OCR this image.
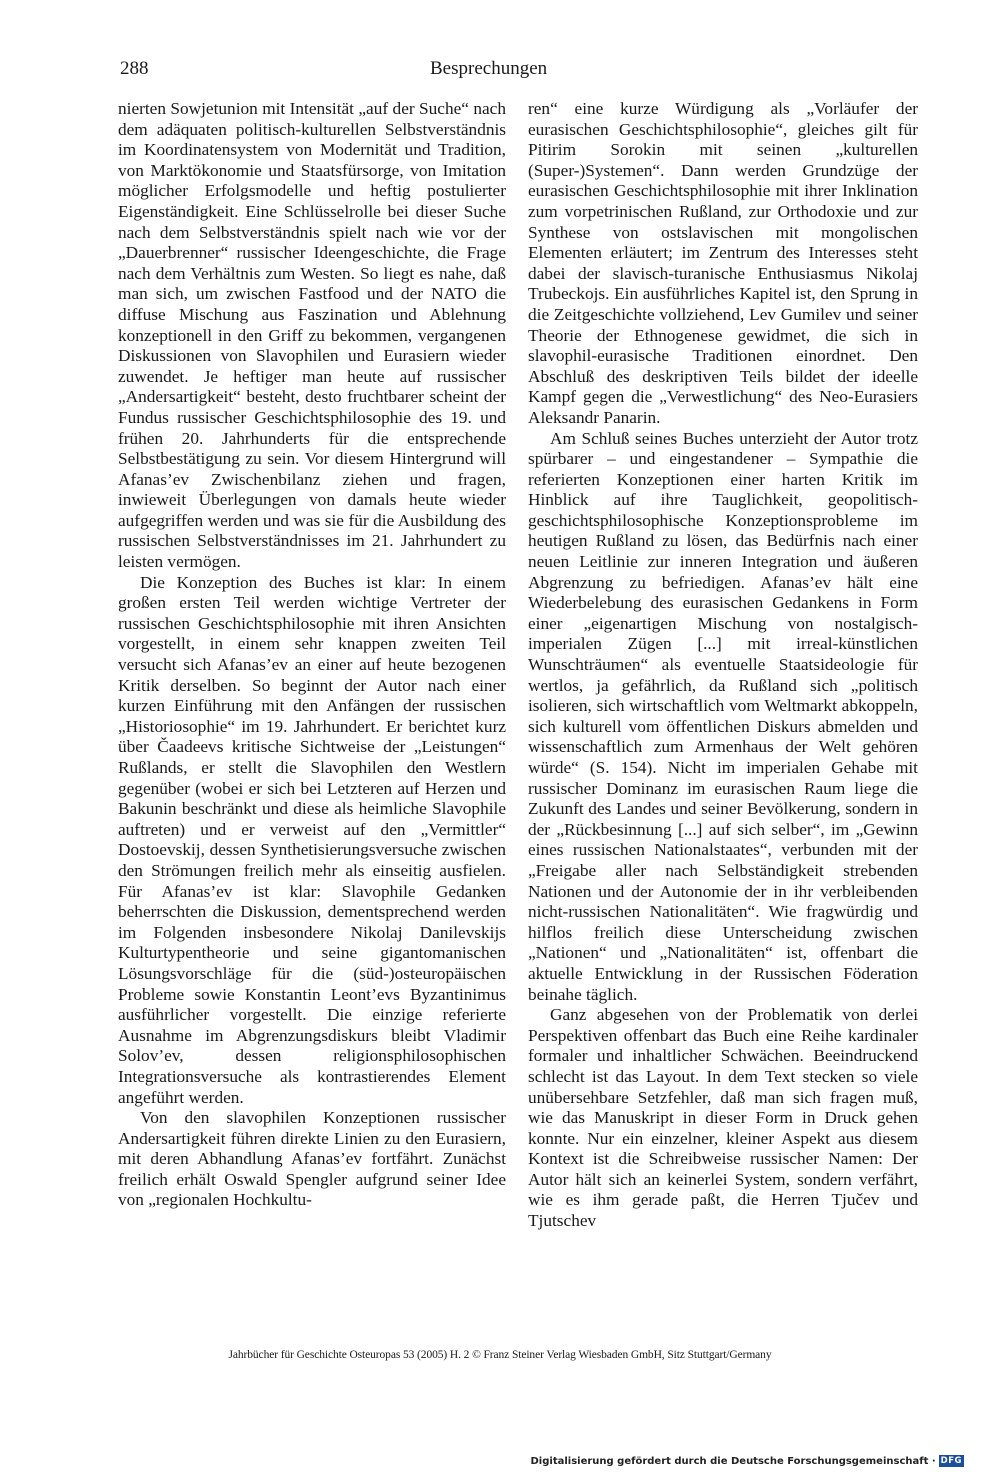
288	Besprechungen

nierten Sowjetunion mit Intensität „auf der Suche“ nach dem adäquaten politisch-kulturellen Selbstverständnis im Koordinatensystem von Modernität und Tradition, von Marktökonomie und Staatsfürsorge, von Imitation möglicher Erfolgsmodelle und heftig postulierter Eigenständigkeit. Eine Schlüsselrolle bei dieser Suche nach dem Selbstverständnis spielt nach wie vor der „Dauerbrenner“ russischer Ideengeschichte, die Frage nach dem Verhältnis zum Westen. So liegt es nahe, daß man sich, um zwischen Fastfood und der NATO die diffuse Mischung aus Faszination und Ablehnung konzeptionell in den Griff zu bekommen, vergangenen Diskussionen von Slavophilen und Eurasiern wieder zuwendet. Je heftiger man heute auf russischer „Andersartigkeit“ besteht, desto fruchtbarer scheint der Fundus russischer Geschichtsphilosophie des 19. und frühen 20. Jahrhunderts für die entsprechende Selbstbestätigung zu sein. Vor diesem Hintergrund will Afanas’ev Zwischenbilanz ziehen und fragen, inwieweit Überlegungen von damals heute wieder aufgegriffen werden und was sie für die Ausbildung des russischen Selbstverständnisses im 21. Jahrhundert zu leisten vermögen.

Die Konzeption des Buches ist klar: In einem großen ersten Teil werden wichtige Vertreter der russischen Geschichtsphilosophie mit ihren Ansichten vorgestellt, in einem sehr knappen zweiten Teil versucht sich Afanas’ev an einer auf heute bezogenen Kritik derselben. So beginnt der Autor nach einer kurzen Einführung mit den Anfängen der russischen „Historiosophie“ im 19. Jahrhundert. Er berichtet kurz über Čaadeevs kritische Sichtweise der „Leistungen“ Rußlands, er stellt die Slavophilen den Westlern gegenüber (wobei er sich bei Letzteren auf Herzen und Bakunin beschränkt und diese als heimliche Slavophile auftreten) und er verweist auf den „Vermittler“ Dostoevskij, dessen Synthetisierungsversuche zwischen den Strömungen freilich mehr als einseitig ausfielen. Für Afanas’ev ist klar: Slavophile Gedanken beherrschten die Diskussion, dementsprechend werden im Folgenden insbesondere Nikolaj Danilevskijs Kulturtypentheorie und seine gigantomanischen Lösungsvorschläge für die (süd-)osteuropäischen Probleme sowie Konstantin Leont’evs Byzantinimus ausführlicher vorgestellt. Die einzige referierte Ausnahme im Abgrenzungsdiskurs bleibt Vladimir Solov’ev, dessen religionsphilosophischen Integrationsversuche als kontrastierendes Element angeführt werden.

Von den slavophilen Konzeptionen russischer Andersartigkeit führen direkte Linien zu den Eurasiern, mit deren Abhandlung Afanas’ev fortfährt. Zunächst freilich erhält Oswald Spengler aufgrund seiner Idee von „regionalen Hochkultu-

ren“ eine kurze Würdigung als „Vorläufer der eurasischen Geschichtsphilosophie“, gleiches gilt für Pitirim Sorokin mit seinen „kulturellen (Super-)Systemen“. Dann werden Grundzüge der eurasischen Geschichtsphilosophie mit ihrer Inklination zum vorpetrinischen Rußland, zur Orthodoxie und zur Synthese von ostslavischen mit mongolischen Elementen erläutert; im Zentrum des Interesses steht dabei der slavisch-turanische Enthusiasmus Nikolaj Trubeckojs. Ein ausführliches Kapitel ist, den Sprung in die Zeitgeschichte vollziehend, Lev Gumilev und seiner Theorie der Ethnogenese gewidmet, die sich in slavophil-eurasische Traditionen einordnet. Den Abschluß des deskriptiven Teils bildet der ideelle Kampf gegen die „Verwestlichung“ des Neo-Eurasiers Aleksandr Panarin.

Am Schluß seines Buches unterzieht der Autor trotz spürbarer – und eingestandener – Sympathie die referierten Konzeptionen einer harten Kritik im Hinblick auf ihre Tauglichkeit, geopolitisch-geschichtsphilosophische Konzeptionsprobleme im heutigen Rußland zu lösen, das Bedürfnis nach einer neuen Leitlinie zur inneren Integration und äußeren Abgrenzung zu befriedigen. Afanas’ev hält eine Wiederbelebung des eurasischen Gedankens in Form einer „eigenartigen Mischung von nostalgisch-imperialen Zügen [...] mit irreal-künstlichen Wunschträumen“ als eventuelle Staatsideologie für wertlos, ja gefährlich, da Rußland sich „politisch isolieren, sich wirtschaftlich vom Weltmarkt abkoppeln, sich kulturell vom öffentlichen Diskurs abmelden und wissenschaftlich zum Armenhaus der Welt gehören würde“ (S. 154). Nicht im imperialen Gehabe mit russischer Dominanz im eurasischen Raum liege die Zukunft des Landes und seiner Bevölkerung, sondern in der „Rückbesinnung [...] auf sich selber“, im „Gewinn eines russischen Nationalstaates“, verbunden mit der „Freigabe aller nach Selbständigkeit strebenden Nationen und der Autonomie der in ihr verbleibenden nicht-russischen Nationalitäten“. Wie fragwürdig und hilflos freilich diese Unterscheidung zwischen „Nationen“ und „Nationalitäten“ ist, offenbart die aktuelle Entwicklung in der Russischen Föderation beinahe täglich.

Ganz abgesehen von der Problematik von derlei Perspektiven offenbart das Buch eine Reihe kardinaler formaler und inhaltlicher Schwächen. Beeindruckend schlecht ist das Layout. In dem Text stecken so viele unübersehbare Setzfehler, daß man sich fragen muß, wie das Manuskript in dieser Form in Druck gehen konnte. Nur ein einzelner, kleiner Aspekt aus diesem Kontext ist die Schreibweise russischer Namen: Der Autor hält sich an keinerlei System, sondern verfährt, wie es ihm gerade paßt, die Herren Tjučev und Tjutschev

Jahrbücher für Geschichte Osteuropas 53 (2005) H. 2 © Franz Steiner Verlag Wiesbaden GmbH, Sitz Stuttgart/Germany
Digitalisierung gefördert durch die Deutsche Forschungsgemeinschaft · DFG
